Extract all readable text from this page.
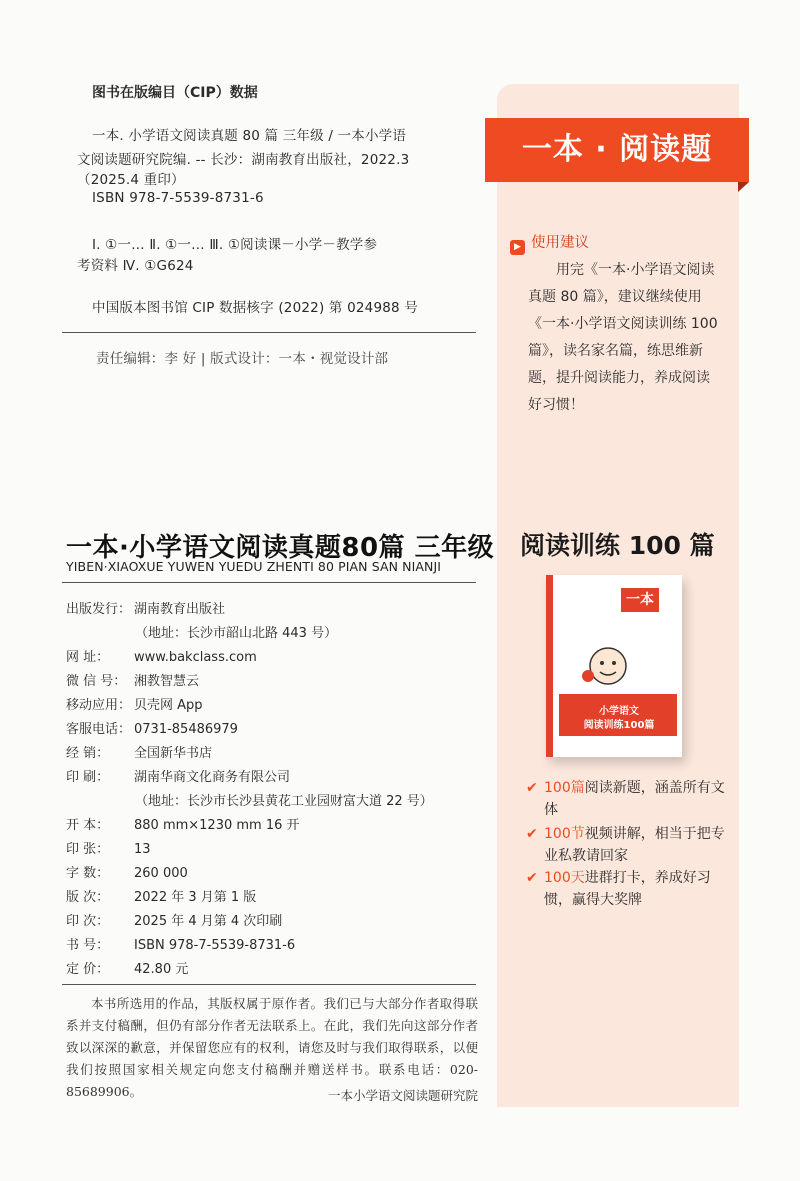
图书在版编目（CIP）数据
一本. 小学语文阅读真题 80 篇 三年级 / 一本小学语
文阅读题研究院编. -- 长沙：湖南教育出版社，2022.3
（2025.4 重印）
ISBN 978-7-5539-8731-6
Ⅰ. ①一… Ⅱ. ①一… Ⅲ. ①阅读课－小学－教学参
考资料 Ⅳ. ①G624
中国版本图书馆 CIP 数据核字 (2022) 第 024988 号
责任编辑：李 好 | 版式设计：一本・视觉设计部
一本·小学语文阅读真题80篇 三年级
YIBEN·XIAOXUE YUWEN YUEDU ZHENTI 80 PIAN SAN NIANJI
出版发行： 湖南教育出版社
（地址：长沙市韶山北路 443 号）
网 址： www.bakclass.com
微 信 号： 湘教智慧云
移动应用： 贝壳网 App
客服电话： 0731-85486979
经 销： 全国新华书店
印 刷： 湖南华商文化商务有限公司
（地址：长沙市长沙县黄花工业园财富大道 22 号）
开 本： 880 mm×1230 mm 16 开
印 张： 13
字 数： 260 000
版 次： 2022 年 3 月第 1 版
印 次： 2025 年 4 月第 4 次印刷
书 号： ISBN 978-7-5539-8731-6
定 价： 42.80 元

本书所选用的作品，其版权属于原作者。我们已与大部分作者取得联系并支付稿酬，但仍有部分作者无法联系上。在此，我们先向这部分作者致以深深的歉意，并保留您应有的权利，请您及时与我们取得联系，以便我们按照国家相关规定向您支付稿酬并赠送样书。联系电话：020-85689906。	一本小学语文阅读题研究院
一本 · 阅读题
▶ 使用建议

用完《一本·小学语文阅读真题 80 篇》，建议继续使用《一本·小学语文阅读训练 100 篇》，读名家名篇，练思维新题，提升阅读能力，养成阅读好习惯！

阅读训练 100 篇
一本
小学语文
阅读训练100篇
✔ 100篇阅读新题，涵盖所有文体
✔ 100节视频讲解，相当于把专业私教请回家
✔ 100天进群打卡，养成好习惯，赢得大奖牌
